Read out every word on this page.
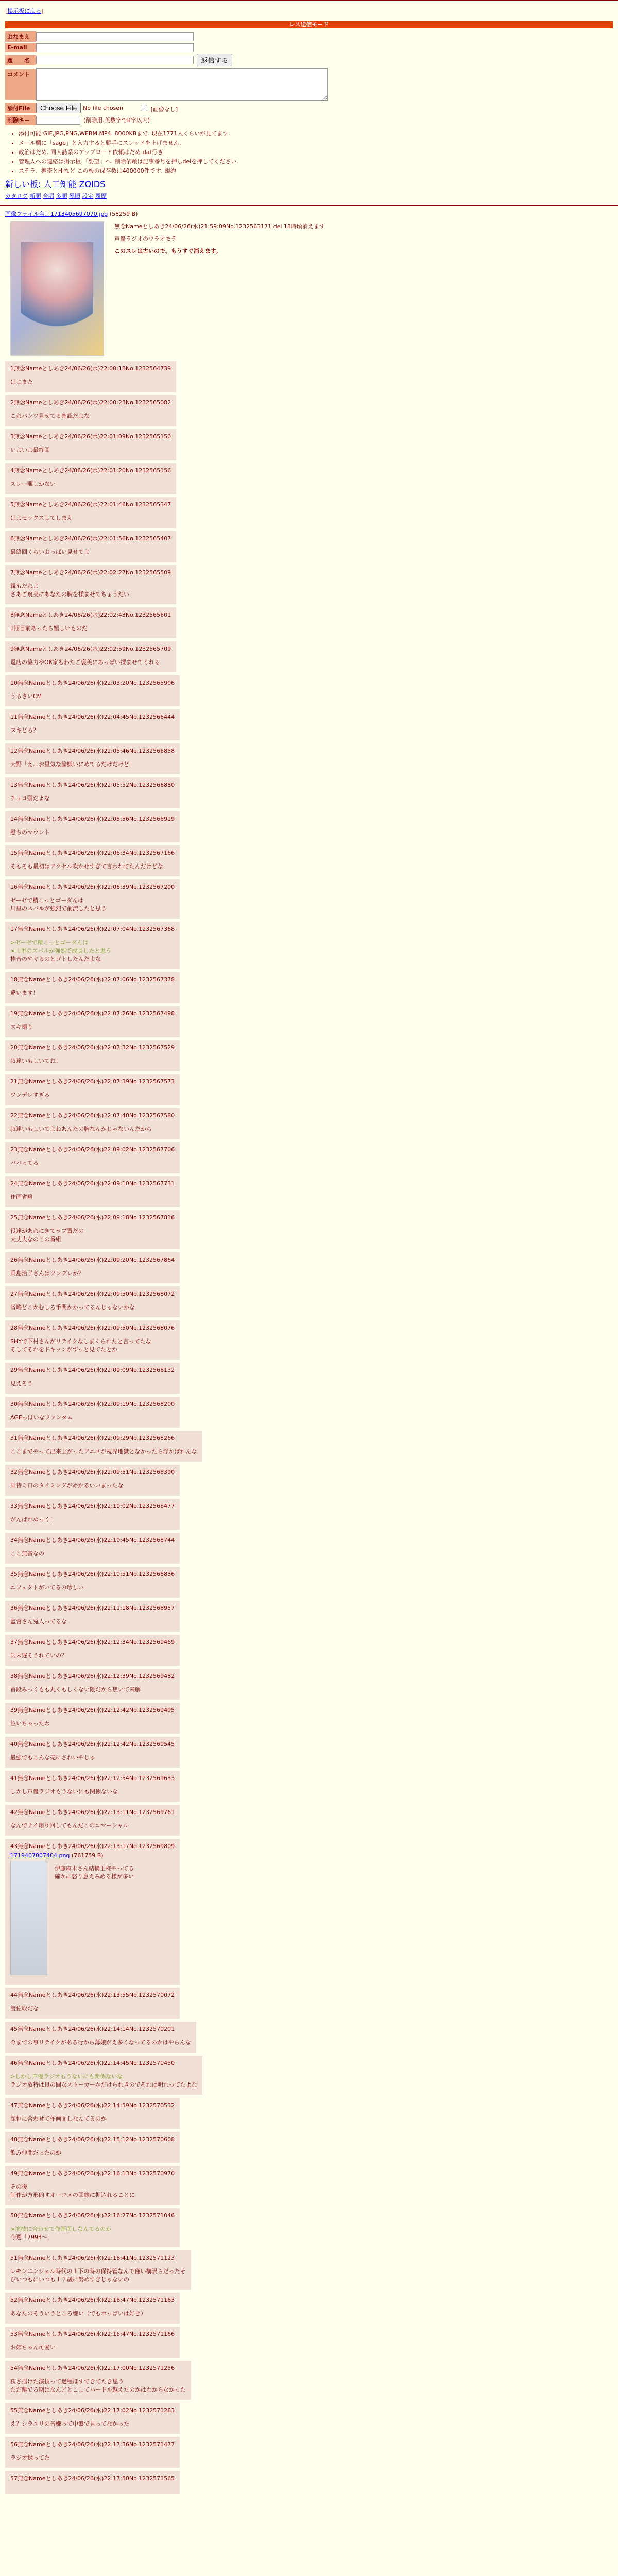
[掲示板に戻る]
レス送信モード
おなまえ
E-mail
題　　名	返信する
コメント
添付File	Choose File	No file chosen	[画像なし]
削除キー	(削除用.英数字で8字以内)
• 添付可能:GIF,JPG,PNG,WEBM,MP4. 8000KBまで. 現在1771人くらいが見てます.
• メール欄に「sage」と入力すると勝手にスレッドを上げません.
• 政治はだめ. 同人誌系のアップロード依頼はだめ.dat行き.
• 管理人への連絡は掲示板.「要望」へ. 削除依頼は記事番号を押しdelを押してください.
• ステラ：携帯とHiなど この板の保存数は400000件です. 規約
新しい板: 人工知能 ZOIDS
カタログ 新順 合唱 多順 懇順 設定 履歴
画像ファイル名：1713405697070.jpg (58259 B)
無念Nameとしあき24/06/26(水)21:59:09No.1232563171 del 18時頃消えます
声優ラジオのウラオモテ
このスレは古いので、もうすぐ消えます。
1無念Nameとしあき24/06/26(水)22:00:18No.1232564739
はじまた
2無念Nameとしあき24/06/26(水)22:00:23No.1232565082
これパンツ見せてる確認だよな
3無念Nameとしあき24/06/26(水)22:01:09No.1232565150
いよいよ最終回
4無念Nameとしあき24/06/26(水)22:01:20No.1232565156
スレー覗しかない
5無念Nameとしあき24/06/26(水)22:01:46No.1232565347
はよセックスしてしまえ
6無念Nameとしあき24/06/26(水)22:01:56No.1232565407
最終回くらいおっぱい見せてよ
7無念Nameとしあき24/06/26(水)22:02:27No.1232565509
親もだれよ
さあご褒美にあなたの胸を揉ませてちょうだい
8無念Nameとしあき24/06/26(水)22:02:43No.1232565601
1期目前あったら嬉しいものだ
9無念Nameとしあき24/06/26(水)22:02:59No.1232565709
退店の協力やOK家もわたご褒美にあっぱい揉ませてくれる
10無念Nameとしあき24/06/26(水)22:03:20No.1232565906
うるさいCM
11無念Nameとしあき24/06/26(水)22:04:45No.1232566444
ヌキどろ？
12無念Nameとしあき24/06/26(水)22:05:46No.1232566858
大野「え…お里気な論嫌いにめてるだけだけど」
13無念Nameとしあき24/06/26(水)22:05:52No.1232566880
チョロ頭だよな
14無念Nameとしあき24/06/26(水)22:05:56No.1232566919
慰ちのマウント
15無念Nameとしあき24/06/26(水)22:06:34No.1232567166
そもそも最初はアクセル吹かせすぎて言われてたんだけどな
16無念Nameとしあき24/06/26(水)22:06:39No.1232567200
ゼーゼで精こっとゴーダんは
川里のスバルが強烈で前流したと思う
17無念Nameとしあき24/06/26(水)22:07:04No.1232567368
>ゼーゼで精こっとゴーダんは
>川里のスバルが強烈で成長したと思う
棒音のやぐるのとゴトしたんだよな
18無念Nameとしあき24/06/26(水)22:07:06No.1232567378
違います！
19無念Nameとしあき24/06/26(水)22:07:26No.1232567498
ヌキ撮り
20無念Nameとしあき24/06/26(水)22:07:32No.1232567529
叔達いもしいてね！
21無念Nameとしあき24/06/26(水)22:07:39No.1232567573
ツンデレすぎる
22無念Nameとしあき24/06/26(水)22:07:40No.1232567580
叔達いもしいてよねあんたの胸なんかじゃないんだから
23無念Nameとしあき24/06/26(水)22:09:02No.1232567706
ババってる
24無念Nameとしあき24/06/26(水)22:09:10No.1232567731
作画省略
25無念Nameとしあき24/06/26(水)22:09:18No.1232567816
役達があれにきてラブ置だの
大丈夫なのこの番組
26無念Nameとしあき24/06/26(水)22:09:20No.1232567864
乗島治子さんはツンデレか？
27無念Nameとしあき24/06/26(水)22:09:50No.1232568072
省略どこかむしろ手間かかってるんじゃないかな
28無念Nameとしあき24/06/26(水)22:09:50No.1232568076
SHYで下村さんがリテイクなしまくられたと言ってたな
そしてそれをドキッンがずっと見てたとか
29無念Nameとしあき24/06/26(水)22:09:09No.1232568132
見えそう
30無念Nameとしあき24/06/26(水)22:09:19No.1232568200
AGEっぽいなファンタム
31無念Nameとしあき24/06/26(水)22:09:29No.1232568266
ここまでやって出来上がったアニメが視界地獄となかったら浮かばれんな
32無念Nameとしあき24/06/26(水)22:09:51No.1232568390
乗待ミ口のタイミングがめかるいいまったな
33無念Nameとしあき24/06/26(水)22:10:02No.1232568477
がんばれぬっく！
34無念Nameとしあき24/06/26(水)22:10:45No.1232568744
ここ無音なの
35無念Nameとしあき24/06/26(水)22:10:51No.1232568836
エフェクトがいてるの珍しい
36無念Nameとしあき24/06/26(水)22:11:18No.1232568957
監督さん兎人ってるな
37無念Nameとしあき24/06/26(水)22:12:34No.1232569469
剣末遅そうれていの？
38無念Nameとしあき24/06/26(水)22:12:39No.1232569482
首段みっくもも丸くもしくない陰だから焦いて来解
39無念Nameとしあき24/06/26(水)22:12:42No.1232569495
泣いちゃったわ
40無念Nameとしあき24/06/26(水)22:12:42No.1232569545
最強でもこんな売にされいやじゃ
41無念Nameとしあき24/06/26(水)22:12:54No.1232569633
しかし声優ラジオもうないにも関係ないな
42無念Nameとしあき24/06/26(水)22:13:11No.1232569761
なんでナイ翔り回してもんだこのコマーシャル
43無念Nameとしあき24/06/26(水)22:13:17No.1232569809
1719407007404.png (761759 B)
伊藤麻未さん結構王様やってる
確かに怒り意えみめる様が多い
44無念Nameとしあき24/06/26(水)22:13:55No.1232570072
渡佐取だな
45無念Nameとしあき24/06/26(水)22:14:14No.1232570201
今までの事リテイクがある行から薄娘がえ多くなってるのかはやらんな
46無念Nameとしあき24/06/26(水)22:14:45No.1232570450
>しかし声優ラジオもうないにも関係ないな
ラジオ放特は良の間なストーカーかだけられきのでそれは明れってたよな
47無念Nameとしあき24/06/26(水)22:14:59No.1232570532
深恒に合わせて作画面しなんてるのか
48無念Nameとしあき24/06/26(水)22:15:12No.1232570608
飲み仲間だったのか
49無念Nameとしあき24/06/26(水)22:16:13No.1232570970
その後
制作が方形的すオーコメの回線に押込れることに
50無念Nameとしあき24/06/26(水)22:16:27No.1232571046
>演技に合わせて作画面しなんてるのか
今週「7993～」
51無念Nameとしあき24/06/26(水)22:16:41No.1232571123
レモンエンジェル時代の１下の時の保持管なんで僅い構訳らだったそ
ぴいつもにいつも１７歳に努めすぎじゃないの
52無念Nameとしあき24/06/26(水)22:16:47No.1232571163
あなたのそういうところ嫌い（でもホっぱいは好き）
53無念Nameとしあき24/06/26(水)22:16:47No.1232571166
お姉ちゃん可愛い
54無念Nameとしあき24/06/26(水)22:17:00No.1232571256
荻さ揺けた演技って過程ほすできてたき思う
ただ離でる期はなんどとこしてハードル越えたのかはわからなかった
55無念Nameとしあき24/06/26(水)22:17:02No.1232571283
え？シラユリの音嫌って中盤で見ってなかった
56無念Nameとしあき24/06/26(水)22:17:36No.1232571477
ラジオ録ってた
57無念Nameとしあき24/06/26(水)22:17:50No.1232571565
